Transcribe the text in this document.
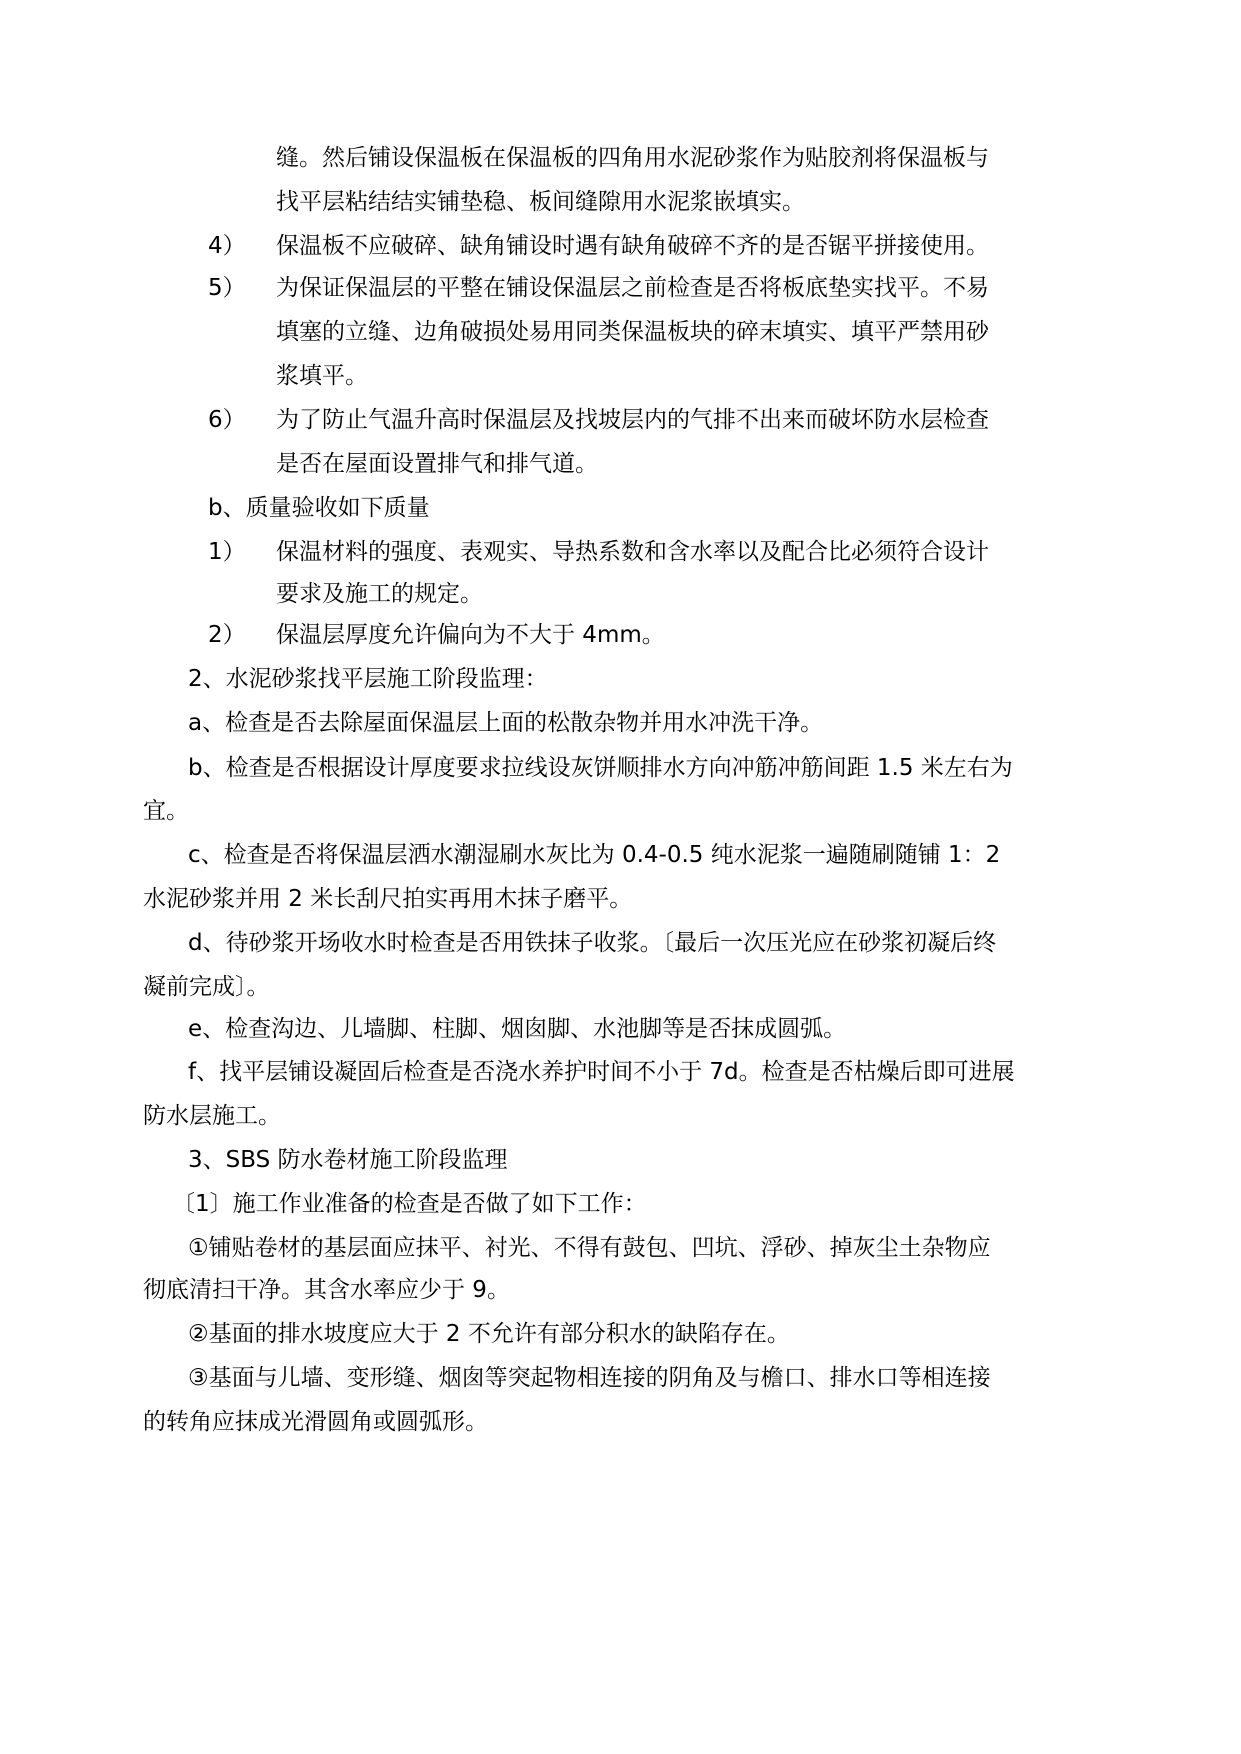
4）
5）
6）
1）
2）
缝。然后铺设保温板在保温板的四角用水泥砂浆作为贴胶剂将保温板与
找平层粘结结实铺垫稳、板间缝隙用水泥浆嵌填实。
保温板不应破碎、缺角铺设时遇有缺角破碎不齐的是否锯平拼接使用。
为保证保温层的平整在铺设保温层之前检查是否将板底垫实找平。不易
填塞的立缝、边角破损处易用同类保温板块的碎末填实、填平严禁用砂
浆填平。
为了防止气温升高时保温层及找坡层内的气排不出来而破坏防水层检查
是否在屋面设置排气和排气道。
b、质量验收如下质量
保温材料的强度、表观实、导热系数和含水率以及配合比必须符合设计
要求及施工的规定。
保温层厚度允许偏向为不大于 4mm。
2、水泥砂浆找平层施工阶段监理：
a、检查是否去除屋面保温层上面的松散杂物并用水冲洗干净。
b、检查是否根据设计厚度要求拉线设灰饼顺排水方向冲筋冲筋间距 1.5 米左右为
宜。
c、检查是否将保温层洒水潮湿刷水灰比为 0.4-0.5 纯水泥浆一遍随刷随铺 1：2
水泥砂浆并用 2 米长刮尺拍实再用木抹子磨平。
d、待砂浆开场收水时检查是否用铁抹子收浆。〔最后一次压光应在砂浆初凝后终
凝前完成〕。
e、检查沟边、儿墙脚、柱脚、烟囱脚、水池脚等是否抹成圆弧。
f、找平层铺设凝固后检查是否浇水养护时间不小于 7d。检查是否枯燥后即可进展
防水层施工。
3、SBS 防水卷材施工阶段监理
〔1〕施工作业准备的检查是否做了如下工作：
①铺贴卷材的基层面应抹平、衬光、不得有鼓包、凹坑、浮砂、掉灰尘土杂物应
彻底清扫干净。其含水率应少于 9。
②基面的排水坡度应大于 2 不允许有部分积水的缺陷存在。
③基面与儿墙、变形缝、烟囱等突起物相连接的阴角及与檐口、排水口等相连接
的转角应抹成光滑圆角或圆弧形。
